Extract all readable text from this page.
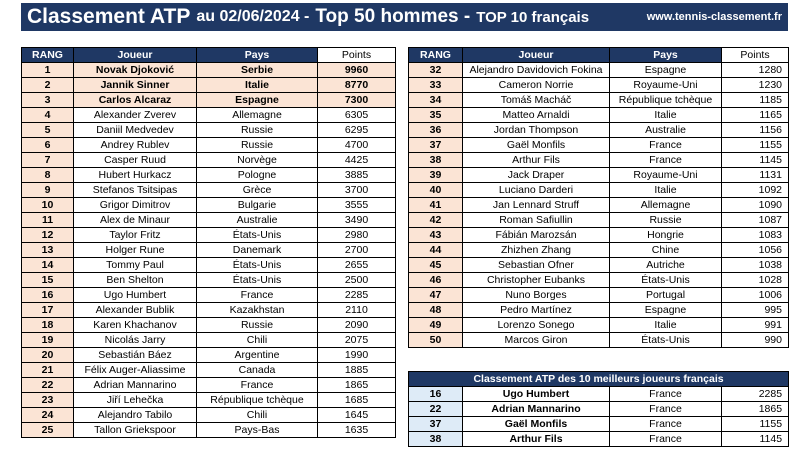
Classement ATP au 02/06/2024 - Top 50 hommes - TOP 10 français	www.tennis-classement.fr
RANG	Joueur	Pays	Points
1	Novak Djoković	Serbie	9960
2	Jannik Sinner	Italie	8770
3	Carlos Alcaraz	Espagne	7300
4	Alexander Zverev	Allemagne	6305
5	Daniil Medvedev	Russie	6295
6	Andrey Rublev	Russie	4700
7	Casper Ruud	Norvège	4425
8	Hubert Hurkacz	Pologne	3885
9	Stefanos Tsitsipas	Grèce	3700
10	Grigor Dimitrov	Bulgarie	3555
11	Alex de Minaur	Australie	3490
12	Taylor Fritz	États-Unis	2980
13	Holger Rune	Danemark	2700
14	Tommy Paul	États-Unis	2655
15	Ben Shelton	États-Unis	2500
16	Ugo Humbert	France	2285
17	Alexander Bublik	Kazakhstan	2110
18	Karen Khachanov	Russie	2090
19	Nicolás Jarry	Chili	2075
20	Sebastián Báez	Argentine	1990
21	Félix Auger-Aliassime	Canada	1885
22	Adrian Mannarino	France	1865
23	Jiří Lehečka	République tchèque	1685
24	Alejandro Tabilo	Chili	1645
25	Tallon Griekspoor	Pays-Bas	1635
RANG	Joueur	Pays	Points
32	Alejandro Davidovich Fokina	Espagne	1280
33	Cameron Norrie	Royaume-Uni	1230
34	Tomáš Macháč	République tchèque	1185
35	Matteo Arnaldi	Italie	1165
36	Jordan Thompson	Australie	1156
37	Gaël Monfils	France	1155
38	Arthur Fils	France	1145
39	Jack Draper	Royaume-Uni	1131
40	Luciano Darderi	Italie	1092
41	Jan Lennard Struff	Allemagne	1090
42	Roman Safiullin	Russie	1087
43	Fábián Marozsán	Hongrie	1083
44	Zhizhen Zhang	Chine	1056
45	Sebastian Ofner	Autriche	1038
46	Christopher Eubanks	États-Unis	1028
47	Nuno Borges	Portugal	1006
48	Pedro Martínez	Espagne	995
49	Lorenzo Sonego	Italie	991
50	Marcos Giron	États-Unis	990
Classement ATP des 10 meilleurs joueurs français			
16	Ugo Humbert	France	2285
22	Adrian Mannarino	France	1865
37	Gaël Monfils	France	1155
38	Arthur Fils	France	1145
